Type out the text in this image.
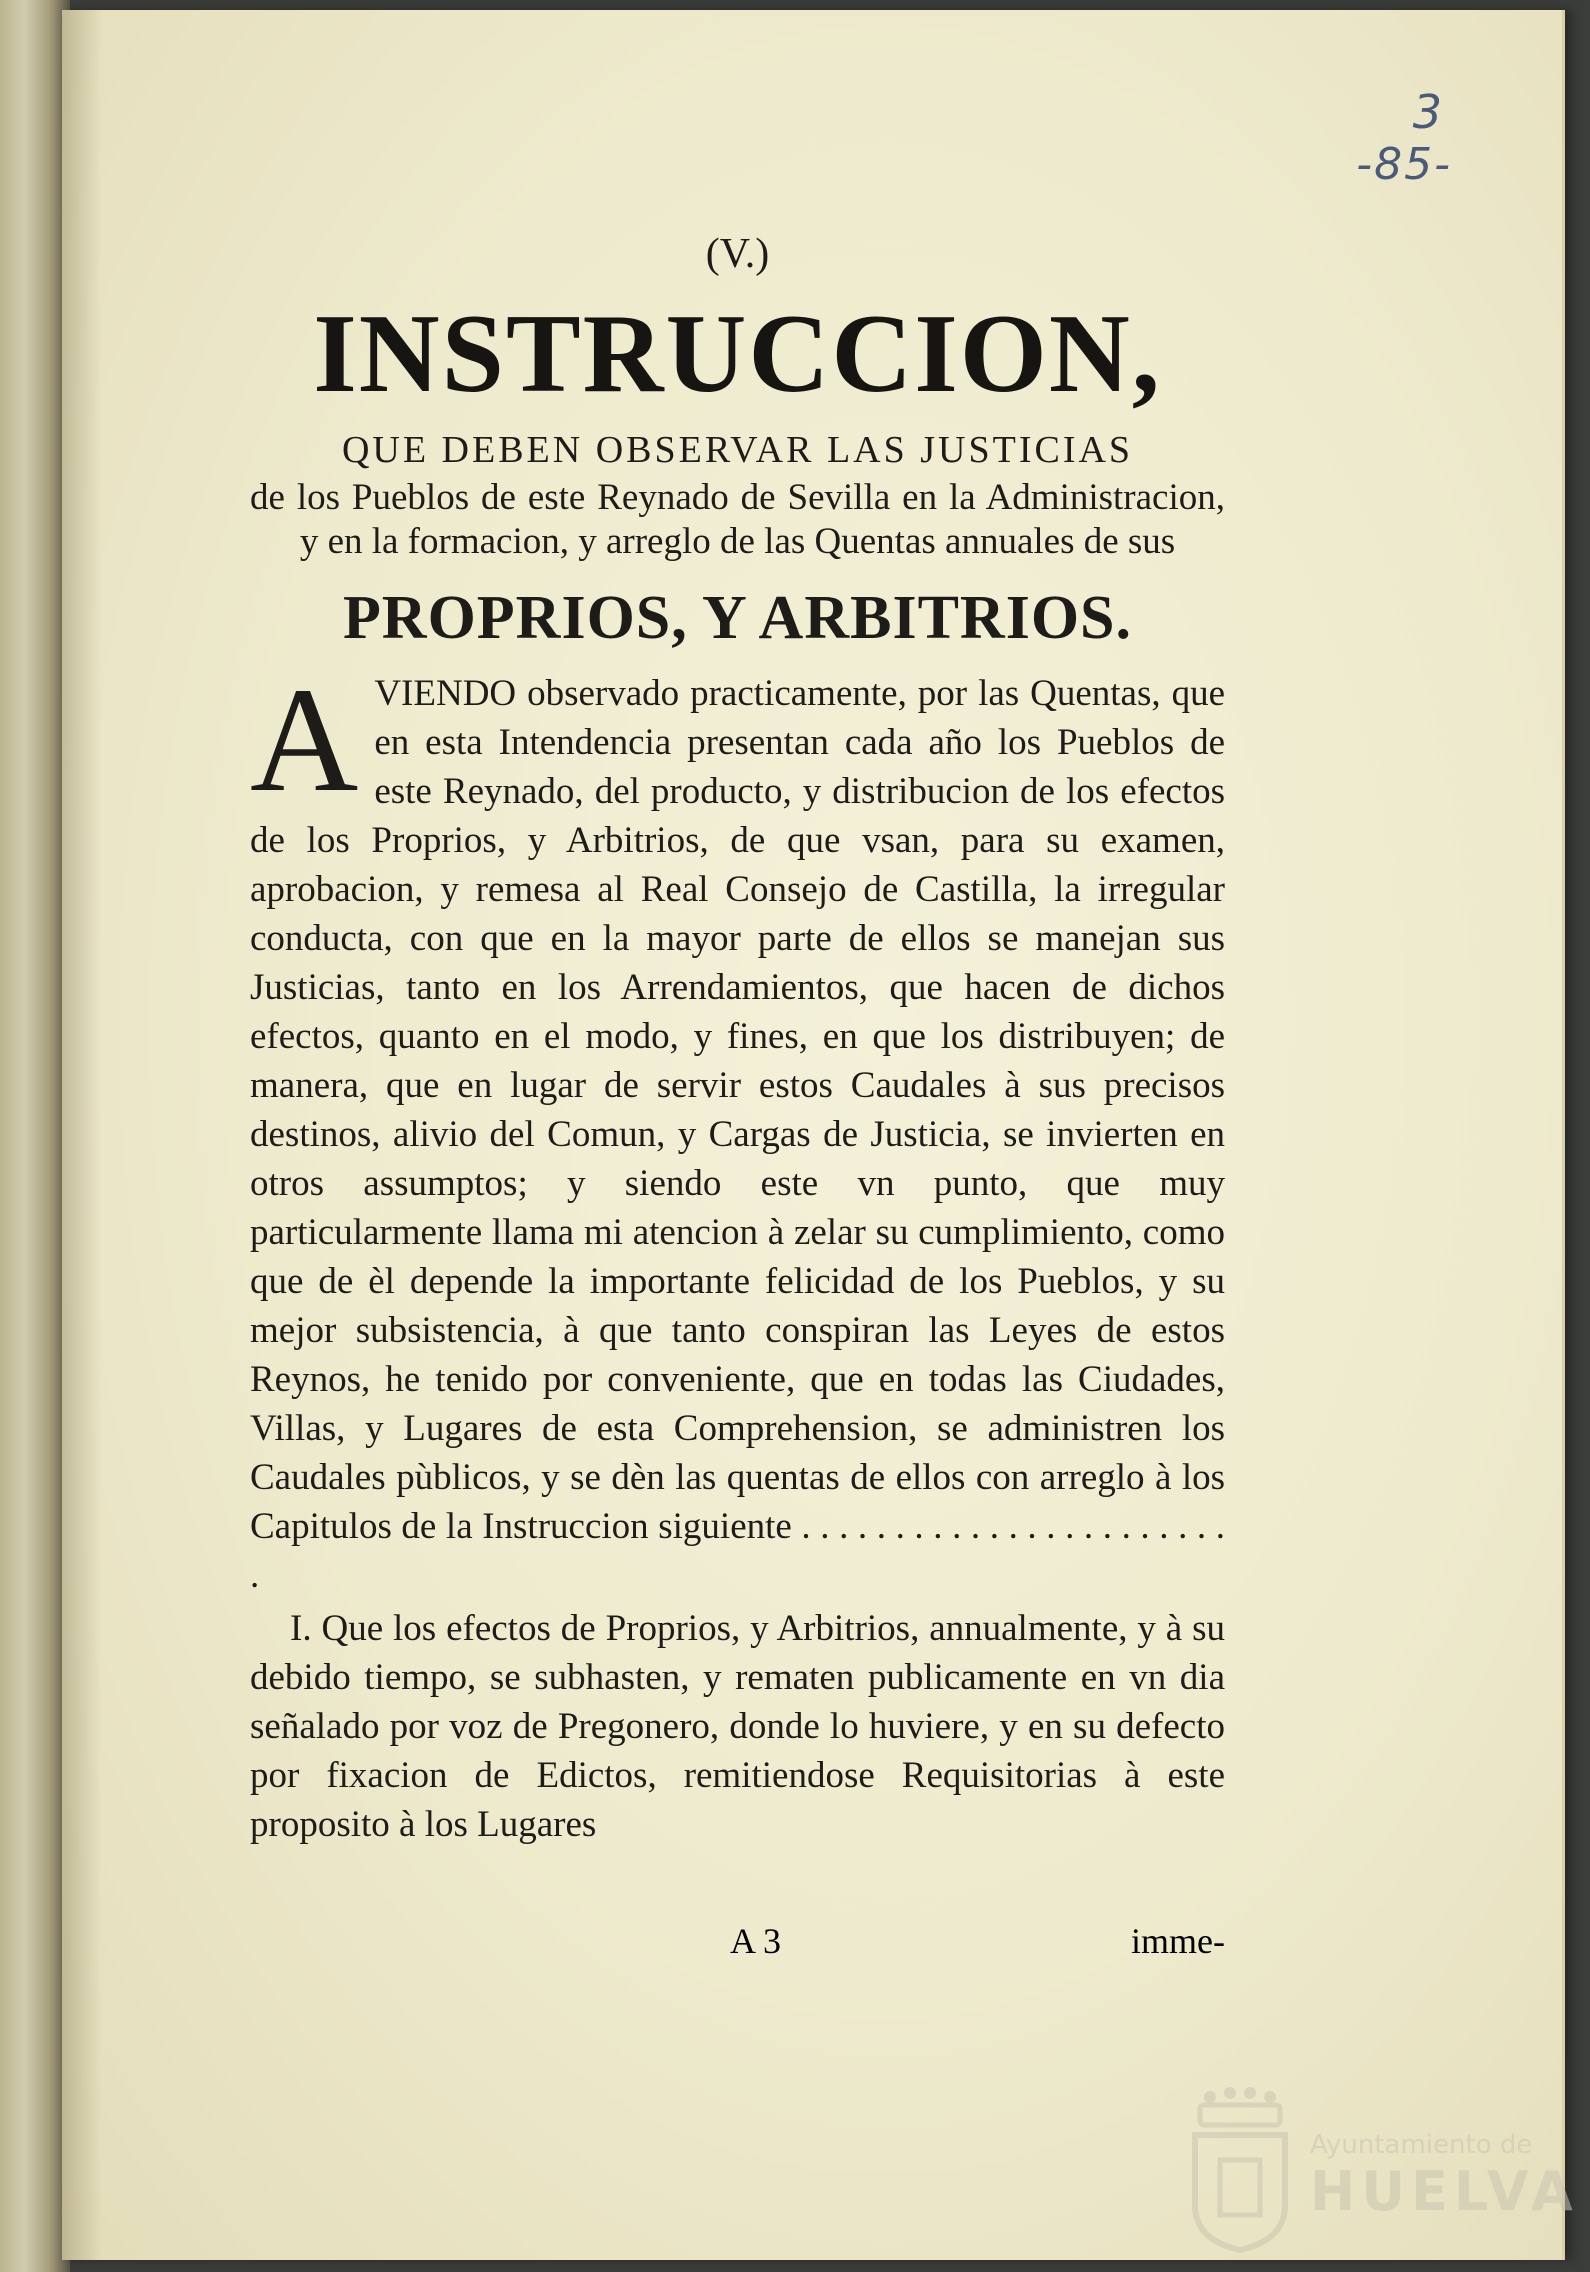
3
-85-
(V.)
INSTRUCCION,

QUE DEBEN OBSERVAR LAS JUSTICIAS

de los Pueblos de este Reynado de Sevilla en la Administracion, y en la formacion, y arreglo de las Quentas annuales de sus

PROPRIOS, Y ARBITRIOS.

A VIENDO observado practicamente, por las Quentas, que en esta Intendencia presentan cada año los Pueblos de este Reynado, del producto, y distribucion de los efectos de los Proprios, y Arbitrios, de que vsan, para su examen, aprobacion, y remesa al Real Consejo de Castilla, la irregular conducta, con que en la mayor parte de ellos se manejan sus Justicias, tanto en los Arrendamientos, que hacen de dichos efectos, quanto en el modo, y fines, en que los distribuyen; de manera, que en lugar de servir estos Caudales à sus precisos destinos, alivio del Comun, y Cargas de Justicia, se invierten en otros assumptos; y siendo este vn punto, que muy particularmente llama mi atencion à zelar su cumplimiento, como que de èl depende la importante felicidad de los Pueblos, y su mejor subsistencia, à que tanto conspiran las Leyes de estos Reynos, he tenido por conveniente, que en todas las Ciudades, Villas, y Lugares de esta Comprehension, se administren los Caudales pùblicos, y se dèn las quentas de ellos con arreglo à los Capitulos de la Instruccion siguiente . . . . . . . . . . . . . . . . . . . . . . . .

I. Que los efectos de Proprios, y Arbitrios, annualmente, y à su debido tiempo, se subhasten, y rematen publicamente en vn dia señalado por voz de Pregonero, donde lo huviere, y en su defecto por fixacion de Edictos, remitiendose Requisitorias à este proposito à los Lugares

A 3	imme-
Ayuntamiento de
HUELVA
